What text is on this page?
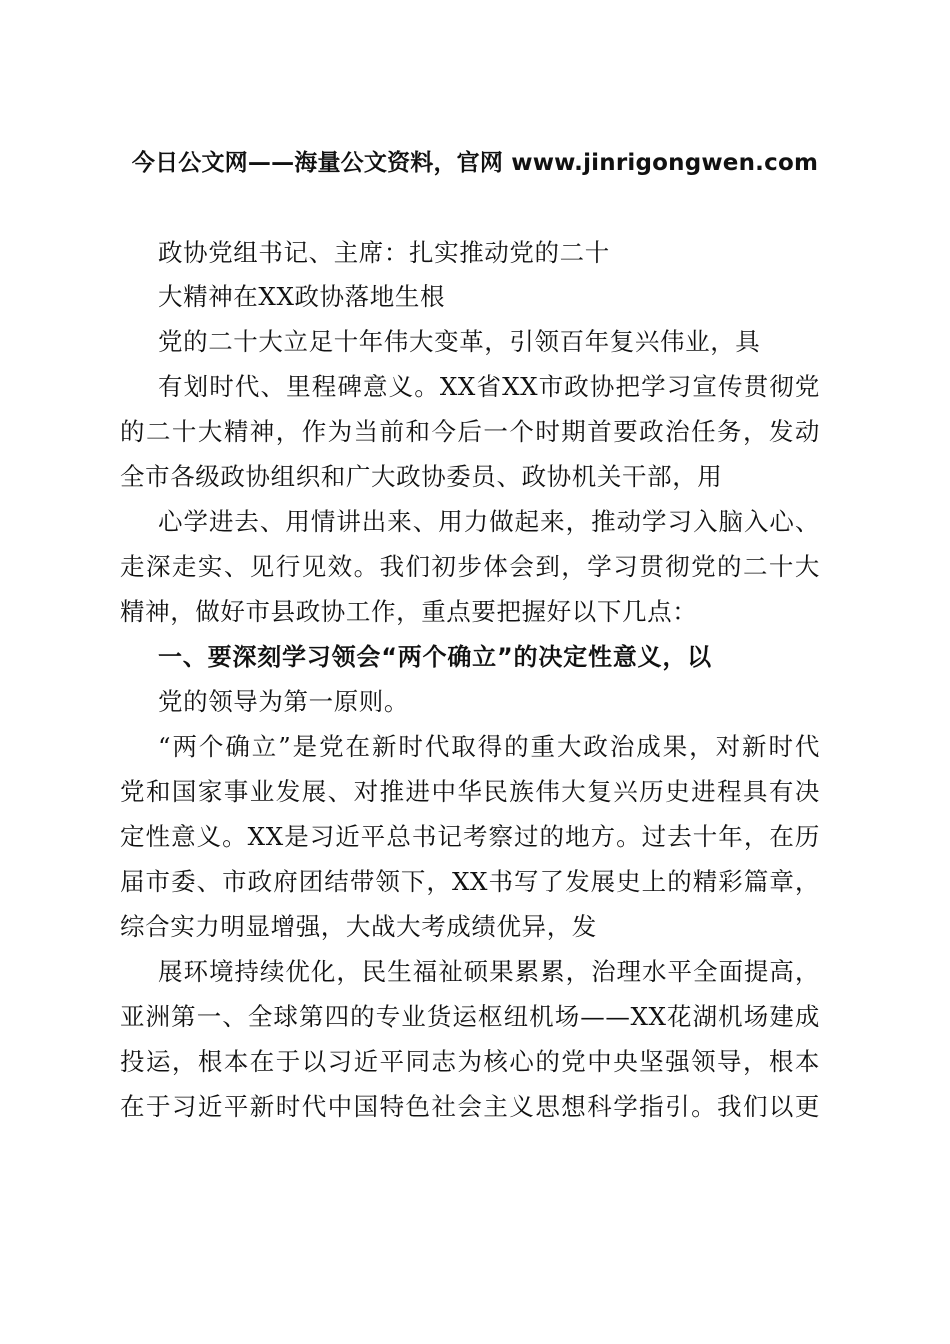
今日公文网——海量公文资料，官网 www.jinrigongwen.com
政协党组书记、主席：扎实推动党的二十
大精神在XX政协落地生根
党的二十大立足十年伟大变革，引领百年复兴伟业，具
有划时代、里程碑意义。XX省XX市政协把学习宣传贯彻党
的二十大精神，作为当前和今后一个时期首要政治任务，发动
全市各级政协组织和广大政协委员、政协机关干部，用
心学进去、用情讲出来、用力做起来，推动学习入脑入心、
走深走实、见行见效。我们初步体会到，学习贯彻党的二十大
精神，做好市县政协工作，重点要把握好以下几点：
一、要深刻学习领会“两个确立”的决定性意义，以
党的领导为第一原则。
“两个确立”是党在新时代取得的重大政治成果，对新时代
党和国家事业发展、对推进中华民族伟大复兴历史进程具有决
定性意义。XX是习近平总书记考察过的地方。过去十年，在历
届市委、市政府团结带领下，XX书写了发展史上的精彩篇章，
综合实力明显增强，大战大考成绩优异，发
展环境持续优化，民生福祉硕果累累，治理水平全面提高，
亚洲第一、全球第四的专业货运枢纽机场——XX花湖机场建成
投运，根本在于以习近平同志为核心的党中央坚强领导，根本
在于习近平新时代中国特色社会主义思想科学指引。我们以更
